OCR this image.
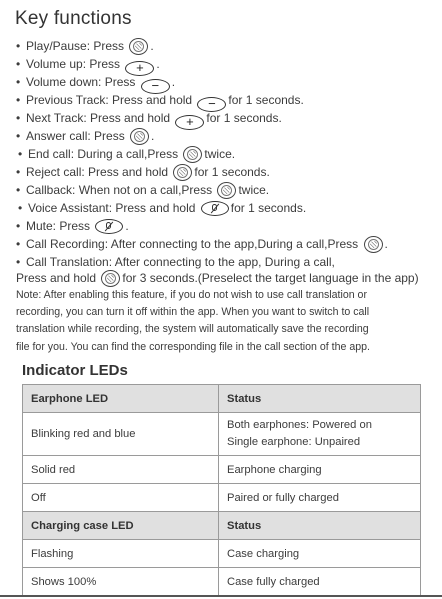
Key functions
• Play/Pause: Press .
• Volume up: Press + .
• Volume down: Press − .
• Previous Track: Press and hold − for 1 seconds.
• Next Track: Press and hold + for 1 seconds.
• Answer call: Press .
• End call: During a call,Press twice.
• Reject call: Press and hold for 1 seconds.
• Callback: When not on a call,Press twice.
• Voice Assistant: Press and hold	for 1 seconds.
• Mute: Press	.
• Call Recording: After connecting to the app,During a call,Press .
• Call Translation: After connecting to the app, During a call,
Press and hold for 3 seconds.(Preselect the target language in the app)
Note: After enabling this feature, if you do not wish to use call translation or
recording, you can turn it off within the app. When you want to switch to call
translation while recording, the system will automatically save the recording
file for you. You can find the corresponding file in the call section of the app.
Indicator LEDs
Earphone LED	Status
Blinking red and blue	Both earphones: Powered on
Single earphone: Unpaired

Solid red	Earphone charging
Off	Paired or fully charged
Charging case LED	Status
Flashing	Case charging
Shows 100%	Case fully charged
